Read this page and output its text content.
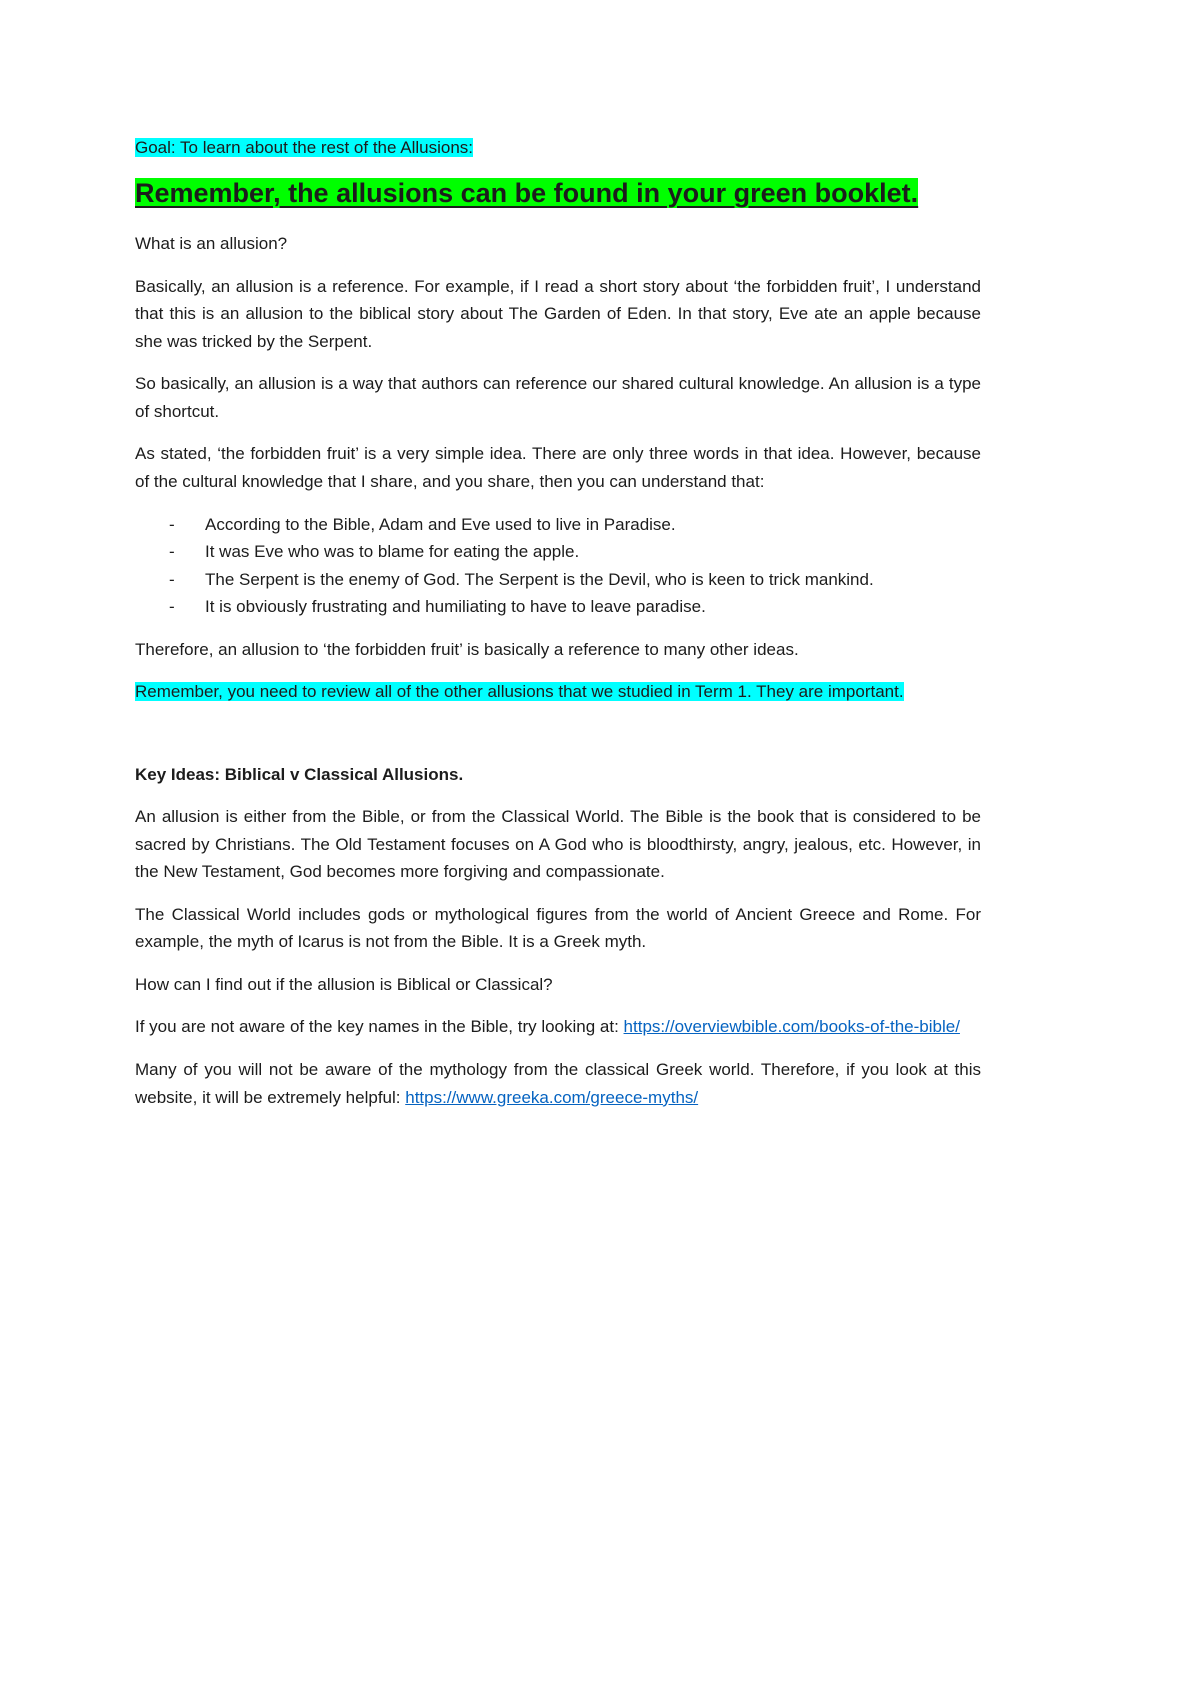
Goal: To learn about the rest of the Allusions:

Remember, the allusions can be found in your green booklet.

What is an allusion?

Basically, an allusion is a reference. For example, if I read a short story about ‘the forbidden fruit’, I understand that this is an allusion to the biblical story about The Garden of Eden. In that story, Eve ate an apple because she was tricked by the Serpent.

So basically, an allusion is a way that authors can reference our shared cultural knowledge. An allusion is a type of shortcut.

As stated, ‘the forbidden fruit’ is a very simple idea. There are only three words in that idea. However, because of the cultural knowledge that I share, and you share, then you can understand that:

-	According to the Bible, Adam and Eve used to live in Paradise.
-	It was Eve who was to blame for eating the apple.
-	The Serpent is the enemy of God. The Serpent is the Devil, who is keen to trick mankind.
-	It is obviously frustrating and humiliating to have to leave paradise.

Therefore, an allusion to ‘the forbidden fruit’ is basically a reference to many other ideas.

Remember, you need to review all of the other allusions that we studied in Term 1. They are important.

Key Ideas: Biblical v Classical Allusions.

An allusion is either from the Bible, or from the Classical World. The Bible is the book that is considered to be sacred by Christians. The Old Testament focuses on A God who is bloodthirsty, angry, jealous, etc. However, in the New Testament, God becomes more forgiving and compassionate.

The Classical World includes gods or mythological figures from the world of Ancient Greece and Rome. For example, the myth of Icarus is not from the Bible. It is a Greek myth.

How can I find out if the allusion is Biblical or Classical?

If you are not aware of the key names in the Bible, try looking at: https://overviewbible.com/books-of-the-bible/

Many of you will not be aware of the mythology from the classical Greek world. Therefore, if you look at this website, it will be extremely helpful: https://www.greeka.com/greece-myths/
